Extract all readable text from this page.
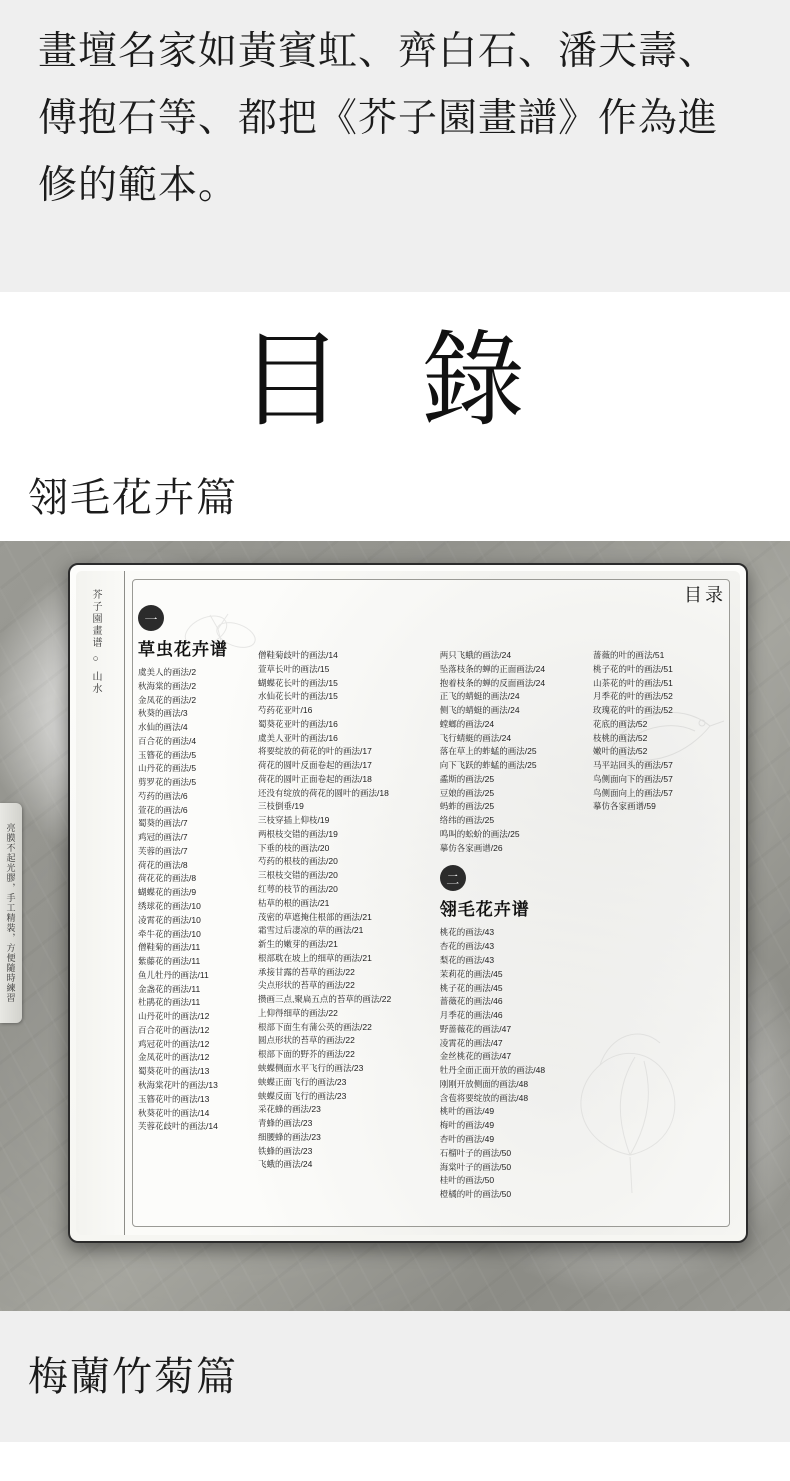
畫壇名家如黃賓虹、齊白石、潘天壽、傅抱石等、都把《芥子園畫譜》作為進修的範本。

目 錄
翎毛花卉篇
亮膜不起光膠，手工精裝，方便隨時練習
芥子園畫谱 ○ 山水	目录
一
草虫花卉谱
虞美人的画法/2
秋海棠的画法/2
金凤花的画法/2
秋葵的画法/3
水仙的画法/4
百合花的画法/4
玉簪花的画法/5
山丹花的画法/5
剪罗花的画法/5
芍药的画法/6
萱花的画法/6
蜀葵的画法/7
鸡冠的画法/7
芙蓉的画法/7
荷花的画法/8
荷花花的画法/8
蝴蝶花的画法/9
绣球花的画法/10
凌霄花的画法/10
牵牛花的画法/10
僧鞋菊的画法/11
紫藤花的画法/11
鱼儿牡丹的画法/11
金盏花的画法/11
杜鹃花的画法/11
山丹花叶的画法/12
百合花叶的画法/12
鸡冠花叶的画法/12
金凤花叶的画法/12
蜀葵花叶的画法/13
秋海棠花叶的画法/13
玉簪花叶的画法/13
秋葵花叶的画法/14
芙蓉花歧叶的画法/14
僧鞋菊歧叶的画法/14
萱草长叶的画法/15
蝴蝶花长叶的画法/15
水仙花长叶的画法/15
芍药花亚叶/16
蜀葵花亚叶的画法/16
虞美人亚叶的画法/16
将要绽放的荷花的叶的画法/17
荷花的圆叶反面卷起的画法/17
荷花的圆叶正面卷起的画法/18
还没有绽放的荷花的圆叶的画法/18
三枝倒垂/19
三枝穿插上仰枝/19
两根枝交错的画法/19
下垂的枝的画法/20
芍药的根枝的画法/20
三根枝交错的画法/20
红萼的枝节的画法/20
枯草的根的画法/21
茂密的草遮掩住根部的画法/21
霜雪过后凄凉的草的画法/21
新生的嫩芽的画法/21
根部耽在坡上的细草的画法/21
承接甘露的苔草的画法/22
尖点形状的苔草的画法/22
攒画三点,聚扁五点的苔草的画法/22
上仰得细草的画法/22
根部下面生有蒲公英的画法/22
圆点形状的苔草的画法/22
根部下面的野芥的画法/22
蛱蝶侧面水平飞行的画法/23
蛱蝶正面飞行的画法/23
蛱蝶反面飞行的画法/23
采花蜂的画法/23
青蜂的画法/23
细腰蜂的画法/23
铁蜂的画法/23
飞蛾的画法/24
两只飞蛾的画法/24
坠落枝条的蝉的正面画法/24
抱着枝条的蝉的反面画法/24
正飞的蜻蜓的画法/24
侧飞的蜻蜓的画法/24
螳螂的画法/24
飞行蜻蜓的画法/24
落在草上的蚱蜢的画法/25
向下飞跃的蚱蜢的画法/25
蟊斯的画法/25
豆娘的画法/25
蚂蚱的画法/25
络纬的画法/25
鸣叫的蚣蚧的画法/25
摹仿各家画谱/26
二
翎毛花卉谱
桃花的画法/43
杏花的画法/43
梨花的画法/43
茉莉花的画法/45
桃子花的画法/45
蔷薇花的画法/46
月季花的画法/46
野蔷薇花的画法/47
凌霄花的画法/47
金丝桃花的画法/47
牡丹全面正面开放的画法/48
刚刚开放侧面的画法/48
含苞将要绽放的画法/48
桃叶的画法/49
梅叶的画法/49
杏叶的画法/49
石榴叶子的画法/50
海棠叶子的画法/50
桂叶的画法/50
橙橘的叶的画法/50
蔷薇的叶的画法/51
桃子花的叶的画法/51
山茶花的叶的画法/51
月季花的叶的画法/52
玫瑰花的叶的画法/52
花底的画法/52
枝桃的画法/52
嫩叶的画法/52
马平站回头的画法/57
鸟侧面向下的画法/57
鸟侧面向上的画法/57
摹仿各家画谱/59
梅蘭竹菊篇
